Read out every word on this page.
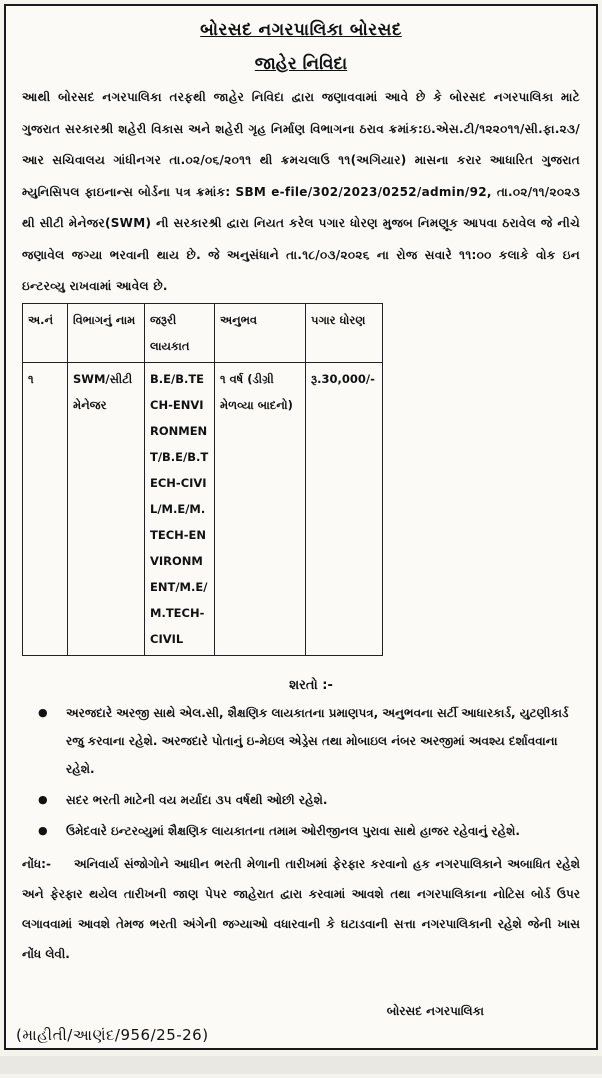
બોરસદ નગરપાલિકા બોરસદ
જાહેર નિવિદા
આથી બોરસદ નગરપાલિકા તરફથી જાહેર નિવિદા દ્વારા જણાવવામાં આવે છે કે બોરસદ નગરપાલિકા માટે ગુજરાત સરકારશ્રી શહેરી વિકાસ અને શહેરી ગૃહ નિર્માણ વિભાગના ઠરાવ ક્રમાંક:ઇ.એસ.ટી/૧૨૨૦૧૧/સી.ફા.૨૩/આર સચિવાલય ગાંધીનગર તા.૦૨/૦૬/૨૦૧૧ થી ક્રમચલાઉ ૧૧(અગિયાર) માસના કરાર આધારિત ગુજરાત મ્યુનિસિપલ ફાઇનાન્સ બોર્ડના પત્ર ક્રમાંક: SBM e-file/302/2023/0252/admin/92, તા.૦૨/૧૧/૨૦૨૩ થી સીટી મેનેજર(SWM) ની સરકારશ્રી દ્વારા નિયત કરેલ પગાર ધોરણ મુજબ નિમણૂક આપવા ઠરાવેલ જે નીચે જણાવેલ જગ્યા ભરવાની થાય છે. જે અનુસંધાને તા.૧૮/૦૩/૨૦૨૬ ના રોજ સવારે ૧૧:૦૦ કલાકે વોક ઇન ઇન્ટરવ્યુ રાખવામાં આવેલ છે.
અ.નં	વિભાગનું નામ	જરૂરી લાયકાત	અનુભવ	પગાર ધોરણ
૧	SWM/સીટી મેનેજર	B.E/B.TECH-ENVIRONMENT/B.E/B.T ECH-CIVIL/M.E/M.TECH-ENVIRONMENT/M.E/M.TECH-CIVIL	૧ વર્ષ (ડીગ્રી મેળવ્યા બાદનો)	રૂ.30,000/-
શરતો :-
● અરજદારે અરજી સાથે એલ.સી, શૈક્ષણિક લાયકાતના પ્રમાણપત્ર, અનુભવના સર્ટી આધારકાર્ડ, યુટણીકાર્ડ રજુ કરવાના રહેશે. અરજદારે પોતાનું ઇ-મેઇલ એડ્રેસ તથા મોબાઇલ નંબર અરજીમાં અવશ્ય દર્શાવવાના રહેશે.
● સદર ભરતી માટેની વય મર્યાદા ૩૫ વર્ષથી ઓછી રહેશે.
● ઉમેદવારે ઇન્ટરવ્યુમાં શૈક્ષણિક લાયકાતના તમામ ઓરીજીનલ પુરાવા સાથે હાજર રહેવાનું રહેશે.
નોંધ:- અનિવાર્ય સંજોગોને આધીન ભરતી મેળાની તારીખમાં ફેરફાર કરવાનો હક નગરપાલિકાને અબાધિત રહેશે અને ફેરફાર થયેલ તારીખની જાણ પેપર જાહેરાત દ્વારા કરવામાં આવશે તથા નગરપાલિકાના નોટિસ બોર્ડ ઉપર લગાવવામાં આવશે તેમજ ભરતી અંગેની જગ્યાઓ વધારવાની કે ઘટાડવાની સત્તા નગરપાલિકાની રહેશે જેની ખાસ નોંધ લેવી.
બોરસદ નગરપાલિકા
(માહીતી/આણંદ/956/25-26)
